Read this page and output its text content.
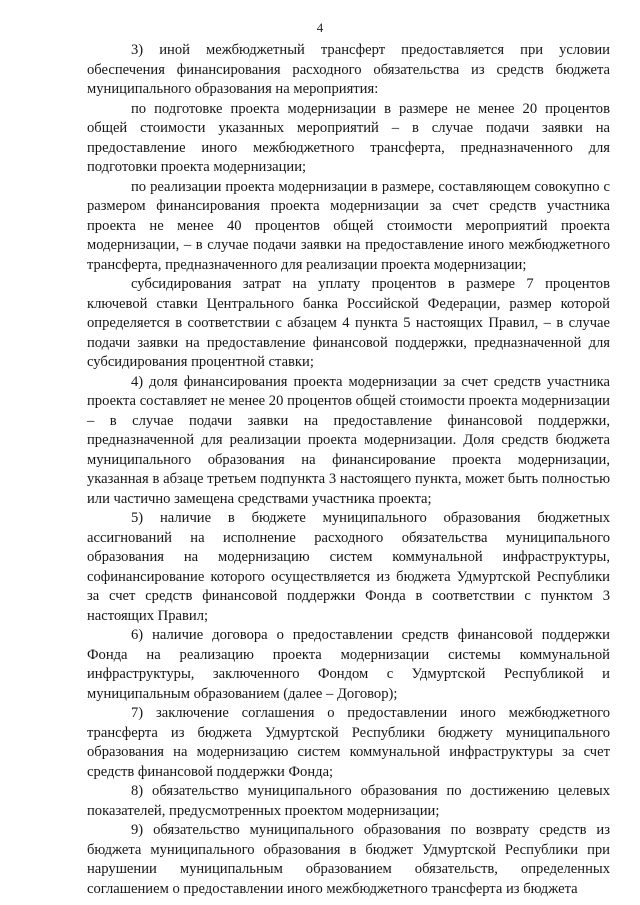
4

3) иной межбюджетный трансферт предоставляется при условии обеспечения финансирования расходного обязательства из средств бюджета муниципального образования на мероприятия:

по подготовке проекта модернизации в размере не менее 20 процентов общей стоимости указанных мероприятий – в случае подачи заявки на предоставление иного межбюджетного трансферта, предназначенного для подготовки проекта модернизации;

по реализации проекта модернизации в размере, составляющем совокупно с размером финансирования проекта модернизации за счет средств участника проекта не менее 40 процентов общей стоимости мероприятий проекта модернизации, – в случае подачи заявки на предоставление иного межбюджетного трансферта, предназначенного для реализации проекта модернизации;

субсидирования затрат на уплату процентов в размере 7 процентов ключевой ставки Центрального банка Российской Федерации, размер которой определяется в соответствии с абзацем 4 пункта 5 настоящих Правил, – в случае подачи заявки на предоставление финансовой поддержки, предназначенной для субсидирования процентной ставки;

4) доля финансирования проекта модернизации за счет средств участника проекта составляет не менее 20 процентов общей стоимости проекта модернизации – в случае подачи заявки на предоставление финансовой поддержки, предназначенной для реализации проекта модернизации. Доля средств бюджета муниципального образования на финансирование проекта модернизации, указанная в абзаце третьем подпункта 3 настоящего пункта, может быть полностью или частично замещена средствами участника проекта;

5) наличие в бюджете муниципального образования бюджетных ассигнований на исполнение расходного обязательства муниципального образования на модернизацию систем коммунальной инфраструктуры, софинансирование которого осуществляется из бюджета Удмуртской Республики за счет средств финансовой поддержки Фонда в соответствии с пунктом 3 настоящих Правил;

6) наличие договора о предоставлении средств финансовой поддержки Фонда на реализацию проекта модернизации системы коммунальной инфраструктуры, заключенного Фондом с Удмуртской Республикой и муниципальным образованием (далее – Договор);

7) заключение соглашения о предоставлении иного межбюджетного трансферта из бюджета Удмуртской Республики бюджету муниципального образования на модернизацию систем коммунальной инфраструктуры за счет средств финансовой поддержки Фонда;

8) обязательство муниципального образования по достижению целевых показателей, предусмотренных проектом модернизации;

9) обязательство муниципального образования по возврату средств из бюджета муниципального образования в бюджет Удмуртской Республики при нарушении муниципальным образованием обязательств, определенных соглашением о предоставлении иного межбюджетного трансферта из бюджета
